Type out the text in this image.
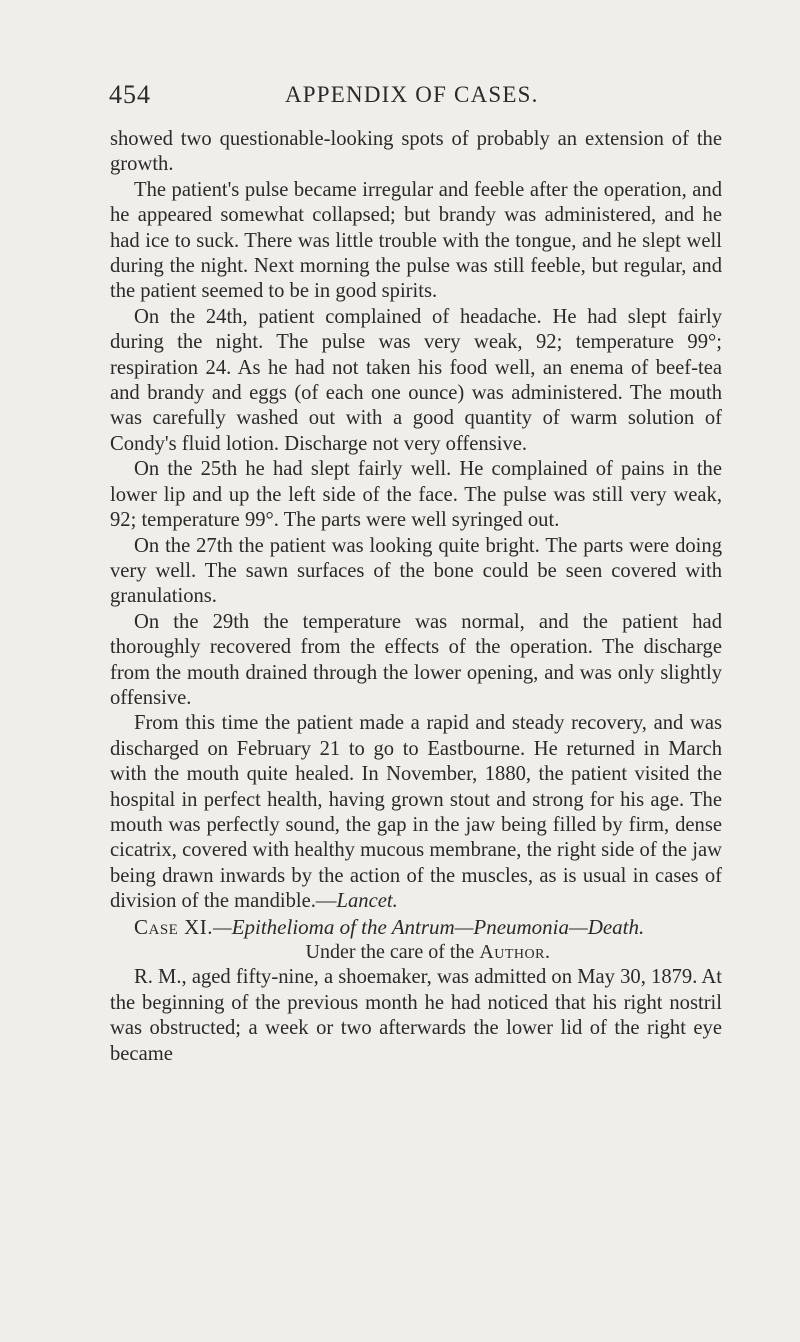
454	APPENDIX OF CASES.

showed two questionable-looking spots of probably an extension of the growth.

The patient's pulse became irregular and feeble after the operation, and he appeared somewhat collapsed; but brandy was administered, and he had ice to suck. There was little trouble with the tongue, and he slept well during the night. Next morning the pulse was still feeble, but regular, and the patient seemed to be in good spirits.

On the 24th, patient complained of headache. He had slept fairly during the night. The pulse was very weak, 92; temperature 99°; respiration 24. As he had not taken his food well, an enema of beef-tea and brandy and eggs (of each one ounce) was administered. The mouth was carefully washed out with a good quantity of warm solution of Condy's fluid lotion. Discharge not very offensive.

On the 25th he had slept fairly well. He complained of pains in the lower lip and up the left side of the face. The pulse was still very weak, 92; temperature 99°. The parts were well syringed out.

On the 27th the patient was looking quite bright. The parts were doing very well. The sawn surfaces of the bone could be seen covered with granulations.

On the 29th the temperature was normal, and the patient had thoroughly recovered from the effects of the operation. The discharge from the mouth drained through the lower opening, and was only slightly offensive.

From this time the patient made a rapid and steady recovery, and was discharged on February 21 to go to Eastbourne. He returned in March with the mouth quite healed. In November, 1880, the patient visited the hospital in perfect health, having grown stout and strong for his age. The mouth was perfectly sound, the gap in the jaw being filled by firm, dense cicatrix, covered with healthy mucous membrane, the right side of the jaw being drawn inwards by the action of the muscles, as is usual in cases of division of the mandible.—Lancet.

Case XI.—Epithelioma of the Antrum—Pneumonia—Death.

Under the care of the Author.

R. M., aged fifty-nine, a shoemaker, was admitted on May 30, 1879. At the beginning of the previous month he had noticed that his right nostril was obstructed; a week or two afterwards the lower lid of the right eye became
